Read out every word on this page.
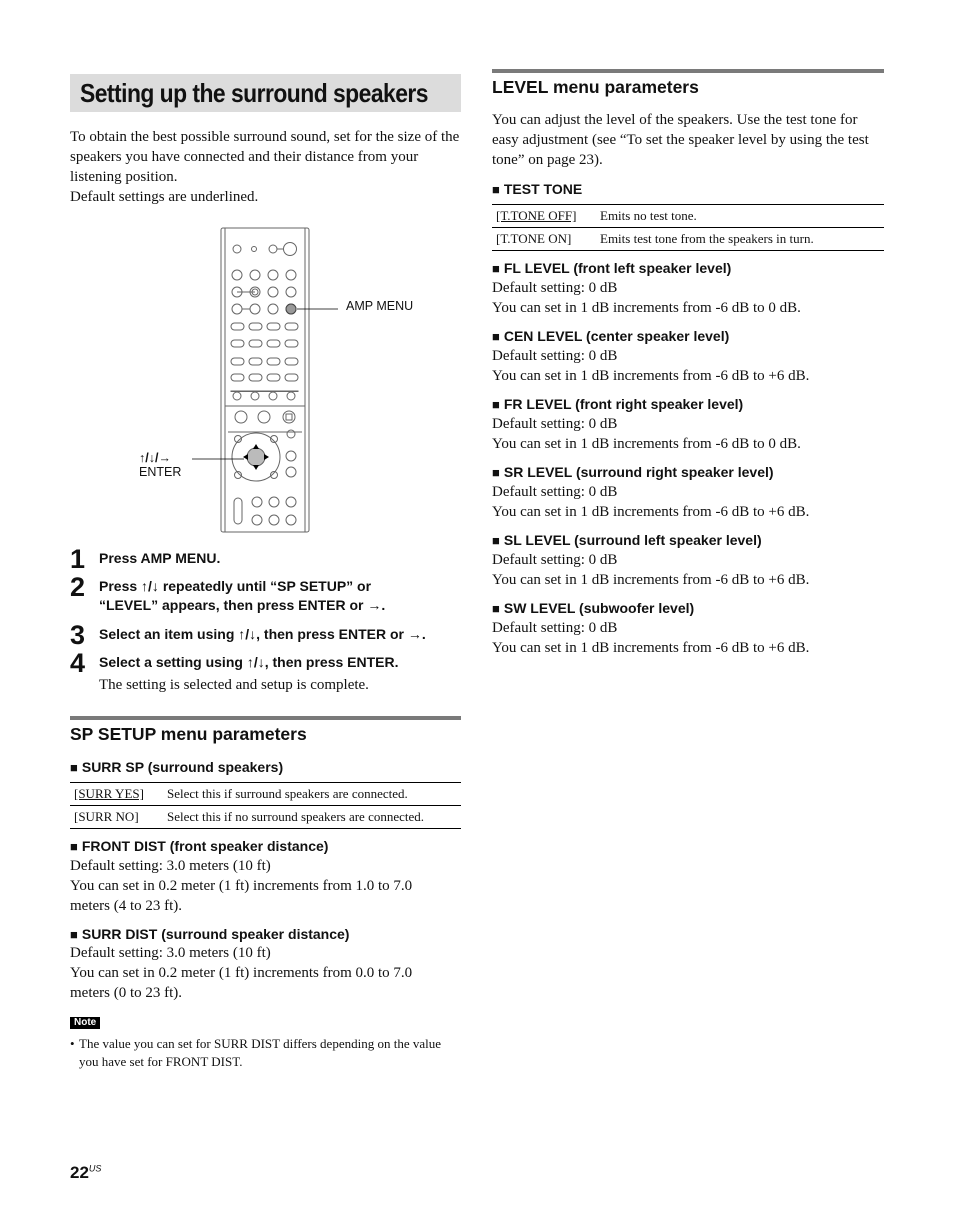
Setting up the surround speakers

To obtain the best possible surround sound, set for the size of the speakers you have connected and their distance from your listening position.

Default settings are underlined.

AMP MENU
↑/↓/→
ENTER
1 Press AMP MENU.
2 Press ↑/↓ repeatedly until “SP SETUP” or “LEVEL” appears, then press ENTER or →.
3 Select an item using ↑/↓, then press ENTER or →.
4 Select a setting using ↑/↓, then press ENTER.
The setting is selected and setup is complete.
SP SETUP menu parameters
■ SURR SP (surround speakers)
[SURR YES]	Select this if surround speakers are connected.
[SURR NO]	Select this if no surround speakers are connected.
■ FRONT DIST (front speaker distance)

Default setting: 3.0 meters (10 ft)

You can set in 0.2 meter (1 ft) increments from 1.0 to 7.0 meters (4 to 23 ft).

■ SURR DIST (surround speaker distance)

Default setting: 3.0 meters (10 ft)

You can set in 0.2 meter (1 ft) increments from 0.0 to 7.0 meters (0 to 23 ft).

Note
• The value you can set for SURR DIST differs depending on the value you have set for FRONT DIST.
$22^{US}$
LEVEL menu parameters

You can adjust the level of the speakers. Use the test tone for easy adjustment (see “To set the speaker level by using the test tone” on page 23).

■ TEST TONE
[T.TONE OFF]	Emits no test tone.
[T.TONE ON]	Emits test tone from the speakers in turn.
■ FL LEVEL (front left speaker level)

Default setting: 0 dB

You can set in 1 dB increments from -6 dB to 0 dB.

■ CEN LEVEL (center speaker level)

Default setting: 0 dB

You can set in 1 dB increments from -6 dB to +6 dB.

■ FR LEVEL (front right speaker level)

Default setting: 0 dB

You can set in 1 dB increments from -6 dB to 0 dB.

■ SR LEVEL (surround right speaker level)

Default setting: 0 dB

You can set in 1 dB increments from -6 dB to +6 dB.

■ SL LEVEL (surround left speaker level)

Default setting: 0 dB

You can set in 1 dB increments from -6 dB to +6 dB.

■ SW LEVEL (subwoofer level)

Default setting: 0 dB

You can set in 1 dB increments from -6 dB to +6 dB.
